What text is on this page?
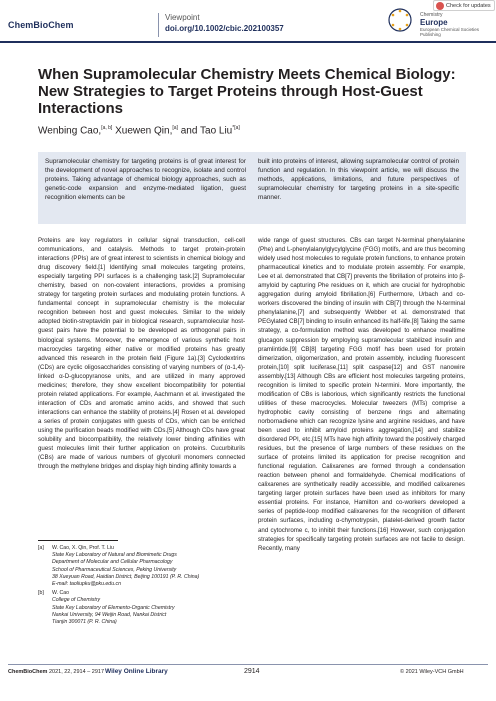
ChemBioChem
Viewpoint
doi.org/10.1002/cbic.202100357
Chemistry
Europe
European Chemical Societies Publishing
Check for updates
When Supramolecular Chemistry Meets Chemical Biology: New Strategies to Target Proteins through Host-Guest Interactions
Wenbing Cao,[a, b] Xuewen Qin,[a] and Tao Liu$^{*[a]}$

Supramolecular chemistry for targeting proteins is of great interest for the development of novel approaches to recognize, isolate and control proteins. Taking advantage of chemical biology approaches, such as genetic-code expansion and enzyme-mediated ligation, guest recognition elements can be

built into proteins of interest, allowing supramolecular control of protein function and regulation. In this viewpoint article, we will discuss the methods, applications, limitations, and future perspectives of supramolecular chemistry for targeting proteins in a site-specific manner.

Proteins are key regulators in cellular signal transduction, cell-cell communications, and catalysis. Methods to target protein-protein interactions (PPIs) are of great interest to scientists in chemical biology and drug discovery field.[1] Identifying small molecules targeting proteins, especially targeting PPI surfaces is a challenging task.[2] Supramolecular chemistry, based on non-covalent interactions, provides a promising strategy for targeting protein surfaces and modulating protein functions. A fundamental concept in supramolecular chemistry is the molecular recognition between host and guest molecules. Similar to the widely adopted biotin-streptavidin pair in biological research, supramolecular host-guest pairs have the potential to be developed as orthogonal pairs in biological systems. Moreover, the emergence of various synthetic host macrocycles targeting either native or modified proteins has greatly advanced this research in the protein field (Figure 1a).[3] Cyclodextrins (CDs) are cyclic oligosaccharides consisting of varying numbers of (α-1,4)-linked α-D-glucopyranose units, and are utilized in many approved medicines; therefore, they show excellent biocompatibility for potential protein related applications. For example, Aachmann et al. investigated the interaction of CDs and aromatic amino acids, and showed that such interactions can enhance the stability of proteins.[4] Rosen et al. developed a series of protein conjugates with guests of CDs, which can be enriched using the purification beads modified with CDs.[5] Although CDs have great solubility and biocompatibility, the relatively lower binding affinities with guest molecules limit their further application on proteins. Cucurbiturils (CBs) are made of various numbers of glycoluril monomers connected through the methylene bridges and display high binding affinity towards a

wide range of guest structures. CBs can target N-terminal phenylalanine (Phe) and L-phenylalanylglycylglycine (FGG) motifs, and are thus becoming widely used host molecules to regulate protein functions, to enhance protein pharmaceutical kinetics and to modulate protein assembly. For example, Lee et al. demonstrated that CB[7] prevents the fibrillation of proteins into β-amyloid by capturing Phe residues on it, which are crucial for hydrophobic aggregation during amyloid fibrillation.[6] Furthermore, Urbach and co-workers discovered the binding of insulin with CB[7] through the N-terminal phenylalanine,[7] and subsequently Webber et al. demonstrated that PEGylated CB[7] binding to insulin enhanced its half-life.[8] Taking the same strategy, a co-formulation method was developed to enhance mealtime glucagon suppression by employing supramolecular stabilized insulin and pramlintide.[9] CB[8] targeting FGG motif has been used for protein dimerization, oligomerization, and protein assembly, including fluorescent protein,[10] split luciferase,[11] split caspase[12] and GST nanowire assembly.[13] Although CBs are efficient host molecules targeting proteins, recognition is limited to specific protein N-termini. More importantly, the modification of CBs is laborious, which significantly restricts the functional utilities of these macrocycles. Molecular tweezers (MTs) comprise a hydrophobic cavity consisting of benzene rings and alternating norbornadiene which can recognize lysine and arginine residues, and have been used to inhibit amyloid proteins aggregation,[14] and stabilize disordered PPI, etc.[15] MTs have high affinity toward the positively charged residues, but the presence of large numbers of these residues on the surface of proteins limited its application for precise recognition and functional regulation. Calixarenes are formed through a condensation reaction between phenol and formaldehyde. Chemical modifications of calixarenes are synthetically readily accessible, and modified calixarenes targeting larger protein surfaces have been used as inhibitors for many essential proteins. For instance, Hamilton and co-workers developed a series of peptide-loop modified calixarenes for the recognition of different protein surfaces, including α-chymotrypsin, platelet-derived growth factor and cytochrome c, to inhibit their functions.[16] However, such conjugation strategies for specifically targeting protein surfaces are not facile to design. Recently, many

[a]	W. Cao, X. Qin, Prof. T. Liu
State Key Laboratory of Natural and Biomimetic Drugs
Department of Molecular and Cellular Pharmacology
School of Pharmaceutical Sciences, Peking University
38 Xueyuan Road, Haidian District, Beijing 100191 (P. R. China)
E-mail: taoliupku@pku.edu.cn
[b]	W. Cao
College of Chemistry
State Key Laboratory of Elemento-Organic Chemistry
Nankai University, 94 Weijin Road, Nankai District
Tianjin 300071 (P. R. China)
ChemBioChem 2021, 22, 2914 – 2917 Wiley Online Library	2914	© 2021 Wiley-VCH GmbH
